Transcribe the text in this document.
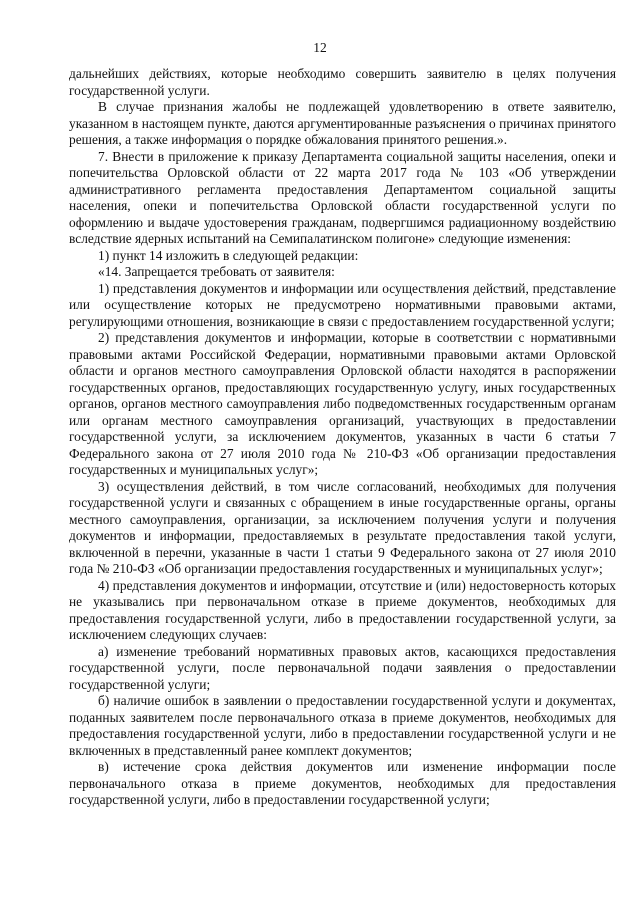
12

дальнейших действиях, которые необходимо совершить заявителю в целях получения государственной услуги.

В случае признания жалобы не подлежащей удовлетворению в ответе заявителю, указанном в настоящем пункте, даются аргументированные разъяснения о причинах принятого решения, а также информация о порядке обжалования принятого решения.».

7. Внести в приложение к приказу Департамента социальной защиты населения, опеки и попечительства Орловской области от 22 марта 2017 года № 103 «Об утверждении административного регламента предоставления Департаментом социальной защиты населения, опеки и попечительства Орловской области государственной услуги по оформлению и выдаче удостоверения гражданам, подвергшимся радиационному воздействию вследствие ядерных испытаний на Семипалатинском полигоне» следующие изменения:

1) пункт 14 изложить в следующей редакции:

«14. Запрещается требовать от заявителя:

1) представления документов и информации или осуществления действий, представление или осуществление которых не предусмотрено нормативными правовыми актами, регулирующими отношения, возникающие в связи с предоставлением государственной услуги;

2) представления документов и информации, которые в соответствии с нормативными правовыми актами Российской Федерации, нормативными правовыми актами Орловской области и органов местного самоуправления Орловской области находятся в распоряжении государственных органов, предоставляющих государственную услугу, иных государственных органов, органов местного самоуправления либо подведомственных государственным органам или органам местного самоуправления организаций, участвующих в предоставлении государственной услуги, за исключением документов, указанных в части 6 статьи 7 Федерального закона от 27 июля 2010 года № 210-ФЗ «Об организации предоставления государственных и муниципальных услуг»;

3) осуществления действий, в том числе согласований, необходимых для получения государственной услуги и связанных с обращением в иные государственные органы, органы местного самоуправления, организации, за исключением получения услуги и получения документов и информации, предоставляемых в результате предоставления такой услуги, включенной в перечни, указанные в части 1 статьи 9 Федерального закона от 27 июля 2010 года № 210-ФЗ «Об организации предоставления государственных и муниципальных услуг»;

4) представления документов и информации, отсутствие и (или) недостоверность которых не указывались при первоначальном отказе в приеме документов, необходимых для предоставления государственной услуги, либо в предоставлении государственной услуги, за исключением следующих случаев:

а) изменение требований нормативных правовых актов, касающихся предоставления государственной услуги, после первоначальной подачи заявления о предоставлении государственной услуги;

б) наличие ошибок в заявлении о предоставлении государственной услуги и документах, поданных заявителем после первоначального отказа в приеме документов, необходимых для предоставления государственной услуги, либо в предоставлении государственной услуги и не включенных в представленный ранее комплект документов;

в) истечение срока действия документов или изменение информации после первоначального отказа в приеме документов, необходимых для предоставления государственной услуги, либо в предоставлении государственной услуги;
